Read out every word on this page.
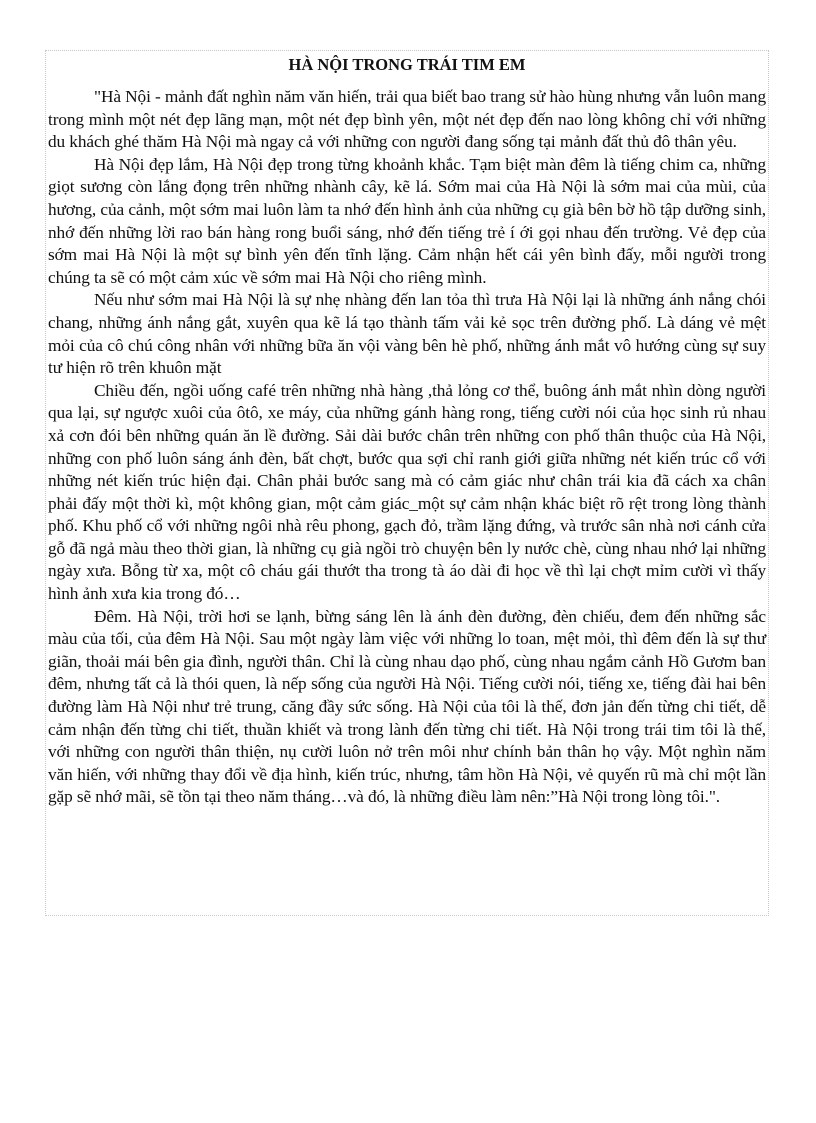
HÀ NỘI TRONG TRÁI TIM EM

"Hà Nội - mảnh đất nghìn năm văn hiến, trải qua biết bao trang sử hào hùng nhưng vẫn luôn mang trong mình một nét đẹp lãng mạn, một nét đẹp bình yên, một nét đẹp đến nao lòng không chỉ với những du khách ghé thăm Hà Nội mà ngay cả với những con người đang sống tại mảnh đất thủ đô thân yêu.

Hà Nội đẹp lắm, Hà Nội đẹp trong từng khoảnh khắc. Tạm biệt màn đêm là tiếng chim ca, những giọt sương còn lắng đọng trên những nhành cây, kẽ lá. Sớm mai của Hà Nội là sớm mai của mùi, của hương, của cảnh, một sớm mai luôn làm ta nhớ đến hình ảnh của những cụ già bên bờ hồ tập dưỡng sinh, nhớ đến những lời rao bán hàng rong buổi sáng, nhớ đến tiếng trẻ í ới gọi nhau đến trường. Vẻ đẹp của sớm mai Hà Nội là một sự bình yên đến tĩnh lặng. Cảm nhận hết cái yên bình đấy, mỗi người trong chúng ta sẽ có một cảm xúc về sớm mai Hà Nội cho riêng mình.

Nếu như sớm mai Hà Nội là sự nhẹ nhàng đến lan tỏa thì trưa Hà Nội lại là những ánh nắng chói chang, những ánh nắng gắt, xuyên qua kẽ lá tạo thành tấm vải kẻ sọc trên đường phố. Là dáng vẻ mệt mỏi của cô chú công nhân với những bữa ăn vội vàng bên hè phố, những ánh mắt vô hướng cùng sự suy tư hiện rõ trên khuôn mặt

Chiều đến, ngồi uống café trên những nhà hàng ,thả lỏng cơ thể, buông ánh mắt nhìn dòng người qua lại, sự ngược xuôi của ôtô, xe máy, của những gánh hàng rong, tiếng cười nói của học sinh rủ nhau xả cơn đói bên những quán ăn lề đường. Sải dài bước chân trên những con phố thân thuộc của Hà Nội, những con phố luôn sáng ánh đèn, bất chợt, bước qua sợi chỉ ranh giới giữa những nét kiến trúc cổ với những nét kiến trúc hiện đại. Chân phải bước sang mà có cảm giác như chân trái kia đã cách xa chân phải đấy một thời kì, một không gian, một cảm giác_một sự cảm nhận khác biệt rõ rệt trong lòng thành phố. Khu phố cổ với những ngôi nhà rêu phong, gạch đỏ, trầm lặng đứng, và trước sân nhà nơi cánh cửa gỗ đã ngả màu theo thời gian, là những cụ già ngồi trò chuyện bên ly nước chè, cùng nhau nhớ lại những ngày xưa. Bỗng từ xa, một cô cháu gái thướt tha trong tà áo dài đi học về thì lại chợt mỉm cười vì thấy hình ảnh xưa kia trong đó…

Đêm. Hà Nội, trời hơi se lạnh, bừng sáng lên là ánh đèn đường, đèn chiếu, đem đến những sắc màu của tối, của đêm Hà Nội. Sau một ngày làm việc với những lo toan, mệt mỏi, thì đêm đến là sự thư giãn, thoải mái bên gia đình, người thân. Chỉ là cùng nhau dạo phố, cùng nhau ngắm cảnh Hồ Gươm ban đêm, nhưng tất cả là thói quen, là nếp sống của người Hà Nội. Tiếng cười nói, tiếng xe, tiếng đài hai bên đường làm Hà Nội như trẻ trung, căng đầy sức sống. Hà Nội của tôi là thế, đơn jản đến từng chi tiết, dễ cảm nhận đến từng chi tiết, thuần khiết và trong lành đến từng chi tiết. Hà Nội trong trái tim tôi là thế, với những con người thân thiện, nụ cười luôn nở trên môi như chính bản thân họ vậy. Một nghìn năm văn hiến, với những thay đổi về địa hình, kiến trúc, nhưng, tâm hồn Hà Nội, vẻ quyến rũ mà chỉ một lần gặp sẽ nhớ mãi, sẽ tồn tại theo năm tháng…và đó, là những điều làm nên:”Hà Nội trong lòng tôi.".
